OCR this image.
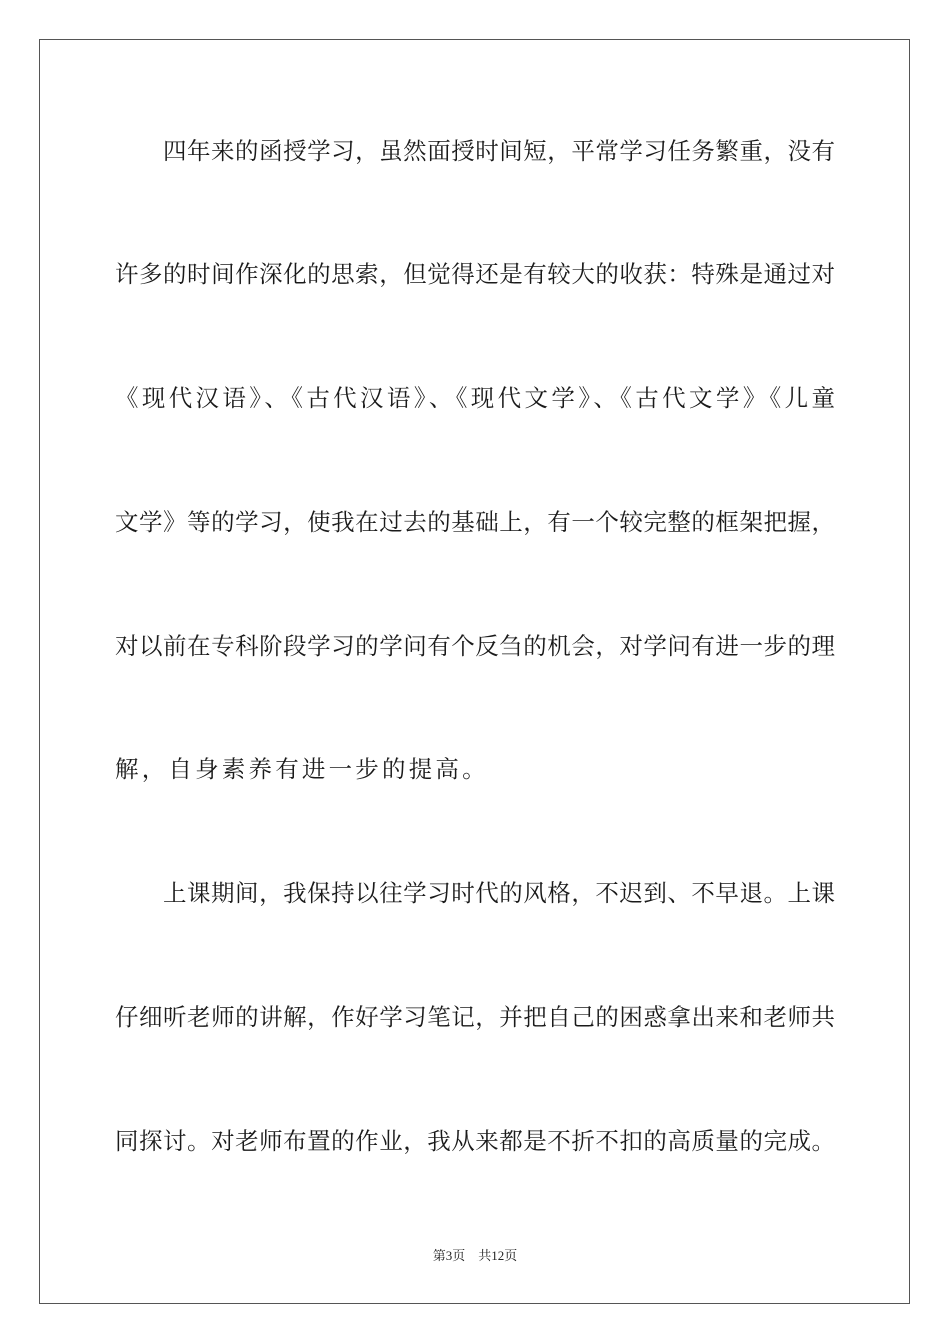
四年来的函授学习，虽然面授时间短，平常学习任务繁重，没有
许多的时间作深化的思索，但觉得还是有较大的收获：特殊是通过对
《现代汉语》、《古代汉语》、《现代文学》、《古代文学》《儿童
文学》等的学习，使我在过去的基础上，有一个较完整的框架把握，
对以前在专科阶段学习的学问有个反刍的机会，对学问有进一步的理
解，自身素养有进一步的提高。
上课期间，我保持以往学习时代的风格，不迟到、不早退。上课
仔细听老师的讲解，作好学习笔记，并把自己的困惑拿出来和老师共
同探讨。对老师布置的作业，我从来都是不折不扣的高质量的完成。
第3页    共12页
